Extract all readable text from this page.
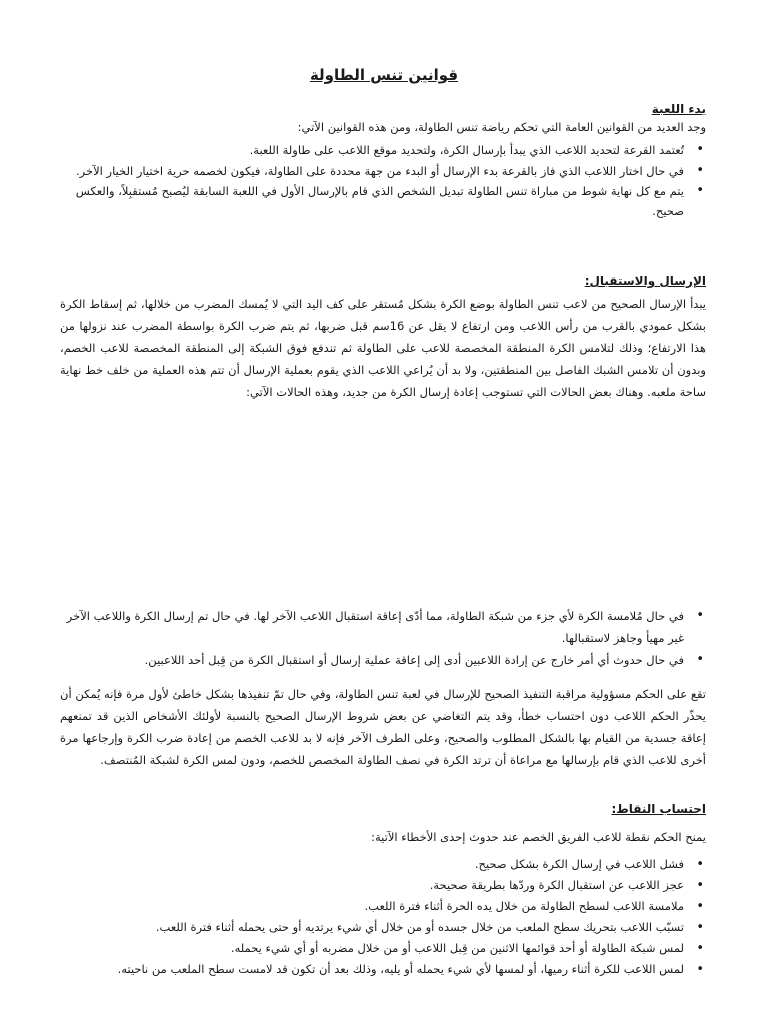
قوانين تنس الطاولة
بدء اللعبة

وجد العديد من القوانين العامة التي تحكم رياضة تنس الطاولة، ومن هذه القوانين الآتي:

• تُعتمد القرعة لتحديد اللاعب الذي يبدأ بإرسال الكرة، ولتحديد موقع اللاعب على طاولة اللعبة.
• في حال اختار اللاعب الذي فاز بالقرعة بدء الإرسال أو البدء من جهة محددة على الطاولة، فيكون لخصمه حرية اختيار الخيار الآخر.
• يتم مع كل نهاية شوط من مباراة تنس الطاولة تبديل الشخص الذي قام بالإرسال الأول في اللعبة السابقة ليُصبح مُستقبِلاً، والعكس صحيح.
الإرسال والاستقبال:

يبدأ الإرسال الصحيح من لاعب تنس الطاولة بوضع الكرة بشكل مُستقر على كف اليد التي لا يُمسك المضرب من خلالها، ثم إسقاط الكرة بشكل عمودي بالقرب من رأس اللاعب ومن ارتفاع لا يقل عن 16سم قبل ضربها، ثم يتم ضرب الكرة بواسطة المضرب عند نزولها من هذا الارتفاع؛ وذلك لتلامس الكرة المنطقة المخصصة للاعب على الطاولة ثم تندفع فوق الشبكة إلى المنطقة المخصصة للاعب الخصم، وبدون أن تلامس الشبك الفاصل بين المنطقتين، ولا بد أن يُراعي اللاعب الذي يقوم بعملية الإرسال أن تتم هذه العملية من خلف خط نهاية ساحة ملعبه. وهناك بعض الحالات التي تستوجب إعادة إرسال الكرة من جديد، وهذه الحالات الآتي:

• في حال مُلامسة الكرة لأي جزء من شبكة الطاولة، مما أدّى إعاقة استقبال اللاعب الآخر لها. في حال تم إرسال الكرة واللاعب الآخر غير مهيأ وجاهز لاستقبالها.
• في حال حدوث أي أمر خارج عن إرادة اللاعبين أدى إلى إعاقة عملية إرسال أو استقبال الكرة من قِبل أحد اللاعبين.

تقع على الحكم مسؤولية مراقبة التنفيذ الصحيح للإرسال في لعبة تنس الطاولة، وفي حال تمّ تنفيذها بشكل خاطئ لأول مرة فإنه يُمكن أن يحذّر الحكم اللاعب دون احتساب خطأ، وقد يتم التغاضي عن بعض شروط الإرسال الصحيح بالنسبة لأولئك الأشخاص الذين قد تمنعهم إعاقة جسدية من القيام بها بالشكل المطلوب والصحيح، وعلى الطرف الآخر فإنه لا بد للاعب الخصم من إعادة ضرب الكرة وإرجاعها مرة أخرى للاعب الذي قام بإرسالها مع مراعاة أن ترتد الكرة في نصف الطاولة المخصص للخصم، ودون لمس الكرة لشبكة المُنتصف.

احتساب النقاط:

يمنح الحكم نقطة للاعب الفريق الخصم عند حدوث إحدى الأخطاء الآتية:

• فشل اللاعب في إرسال الكرة بشكل صحيح.
• عجز اللاعب عن استقبال الكرة وردّها بطريقة صحيحة.
• ملامسة اللاعب لسطح الطاولة من خلال يده الحرة أثناء فترة اللعب.
• تسبّب اللاعب بتحريك سطح الملعب من خلال جسده أو من خلال أي شيء يرتديه أو حتى يحمله أثناء فترة اللعب.
• لمس شبكة الطاولة أو أحد قوائمها الاثنين من قِبل اللاعب أو من خلال مضربه أو أي شيء يحمله.
• لمس اللاعب للكرة أثناء رميها، أو لمسها لأي شيء يحمله أو يليه، وذلك بعد أن تكون قد لامست سطح الملعب من ناحيته.
